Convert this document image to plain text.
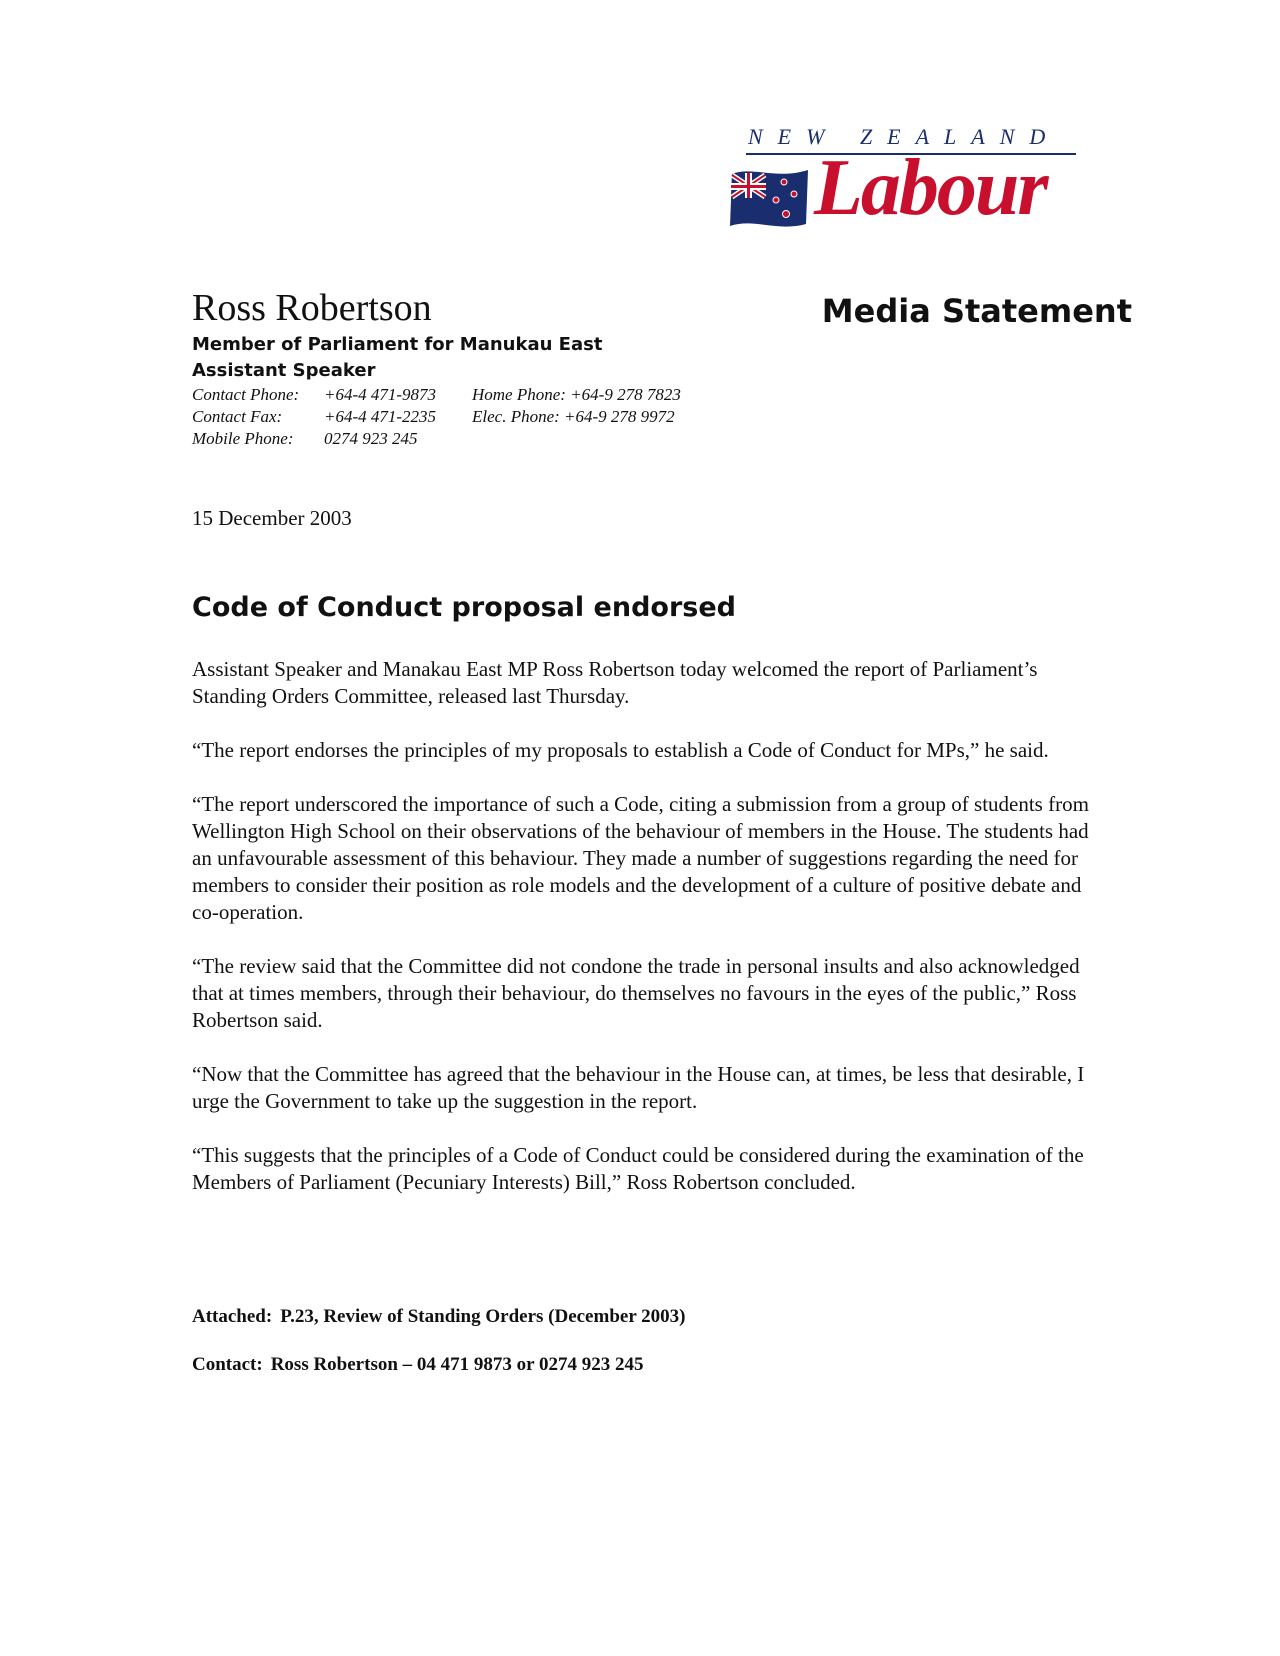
NEW ZEALAND
Labour
Ross Robertson	Media Statement
Member of Parliament for Manukau East
Assistant Speaker
Contact Phone: +64-4 471-9873 Home Phone: +64-9 278 7823
Contact Fax: +64-4 471-2235 Elec. Phone: +64-9 278 9972
Mobile Phone: 0274 923 245
15 December 2003
Code of Conduct proposal endorsed

Assistant Speaker and Manakau East MP Ross Robertson today welcomed the report of Parliament’s Standing Orders Committee, released last Thursday.

“The report endorses the principles of my proposals to establish a Code of Conduct for MPs,” he said.

“The report underscored the importance of such a Code, citing a submission from a group of students from Wellington High School on their observations of the behaviour of members in the House. The students had an unfavourable assessment of this behaviour. They made a number of suggestions regarding the need for members to consider their position as role models and the development of a culture of positive debate and co-operation.

“The review said that the Committee did not condone the trade in personal insults and also acknowledged that at times members, through their behaviour, do themselves no favours in the eyes of the public,” Ross Robertson said.

“Now that the Committee has agreed that the behaviour in the House can, at times, be less that desirable, I urge the Government to take up the suggestion in the report.

“This suggests that the principles of a Code of Conduct could be considered during the examination of the Members of Parliament (Pecuniary Interests) Bill,” Ross Robertson concluded.

Attached: P.23, Review of Standing Orders (December 2003)

Contact: Ross Robertson – 04 471 9873 or 0274 923 245
